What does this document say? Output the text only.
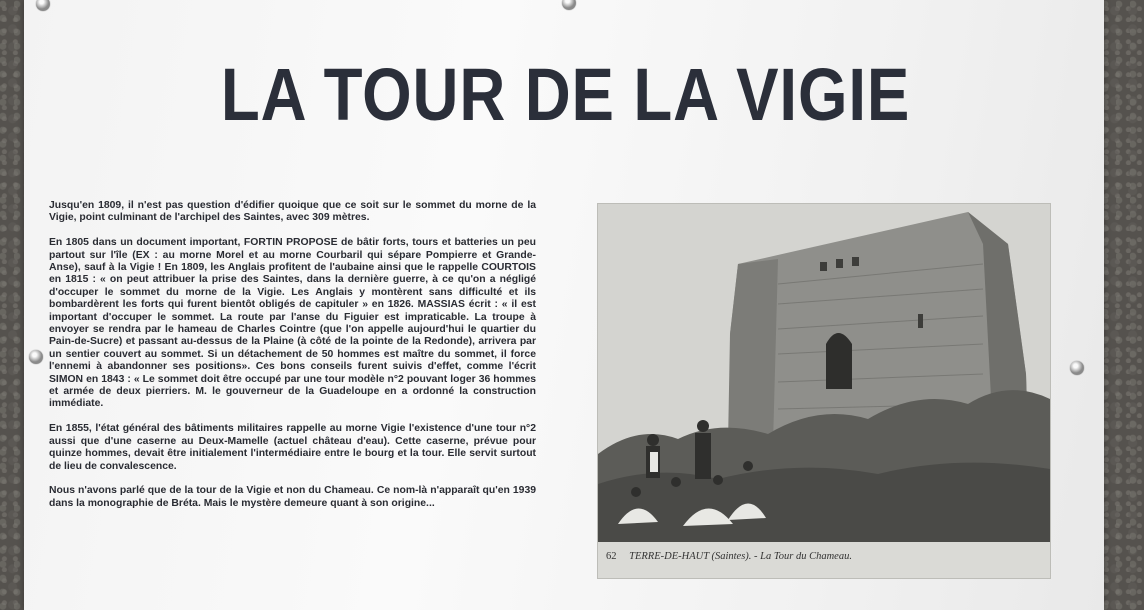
LA TOUR DE LA VIGIE

Jusqu'en 1809, il n'est pas question d'édifier quoique que ce soit sur le sommet du morne de la Vigie, point culminant de l'archipel des Saintes, avec 309 mètres.

En 1805 dans un document important, FORTIN PROPOSE de bâtir forts, tours et batteries un peu partout sur l'île (EX : au morne Morel et au morne Courbaril qui sépare Pompierre et Grande-Anse), sauf à la Vigie ! En 1809, les Anglais profitent de l'aubaine ainsi que le rappelle COURTOIS en 1815 : « on peut attribuer la prise des Saintes, dans la dernière guerre, à ce qu'on a négligé d'occuper le sommet du morne de la Vigie. Les Anglais y montèrent sans difficulté et ils bombardèrent les forts qui furent bientôt obligés de capituler » en 1826. MASSIAS écrit : « il est important d'occuper le sommet. La route par l'anse du Figuier est impraticable. La troupe à envoyer se rendra par le hameau de Charles Cointre (que l'on appelle aujourd'hui le quartier du Pain-de-Sucre) et passant au-dessus de la Plaine (à côté de la pointe de la Redonde), arrivera par un sentier couvert au sommet. Si un détachement de 50 hommes est maître du sommet, il force l'ennemi à abandonner ses positions». Ces bons conseils furent suivis d'effet, comme l'écrit SIMON en 1843 : « Le sommet doit être occupé par une tour modèle n°2 pouvant loger 36 hommes et armée de deux pierriers. M. le gouverneur de la Guadeloupe en a ordonné la construction immédiate.

En 1855, l'état général des bâtiments militaires rappelle au morne Vigie l'existence d'une tour n°2 aussi que d'une caserne au Deux-Mamelle (actuel château d'eau). Cette caserne, prévue pour quinze hommes, devait être initialement l'intermédiaire entre le bourg et la tour. Elle servit surtout de lieu de convalescence.

Nous n'avons parlé que de la tour de la Vigie et non du Chameau. Ce nom-là n'apparaît qu'en 1939 dans la monographie de Bréta. Mais le mystère demeure quant à son origine...

62 TERRE-DE-HAUT (Saintes). - La Tour du Chameau.
